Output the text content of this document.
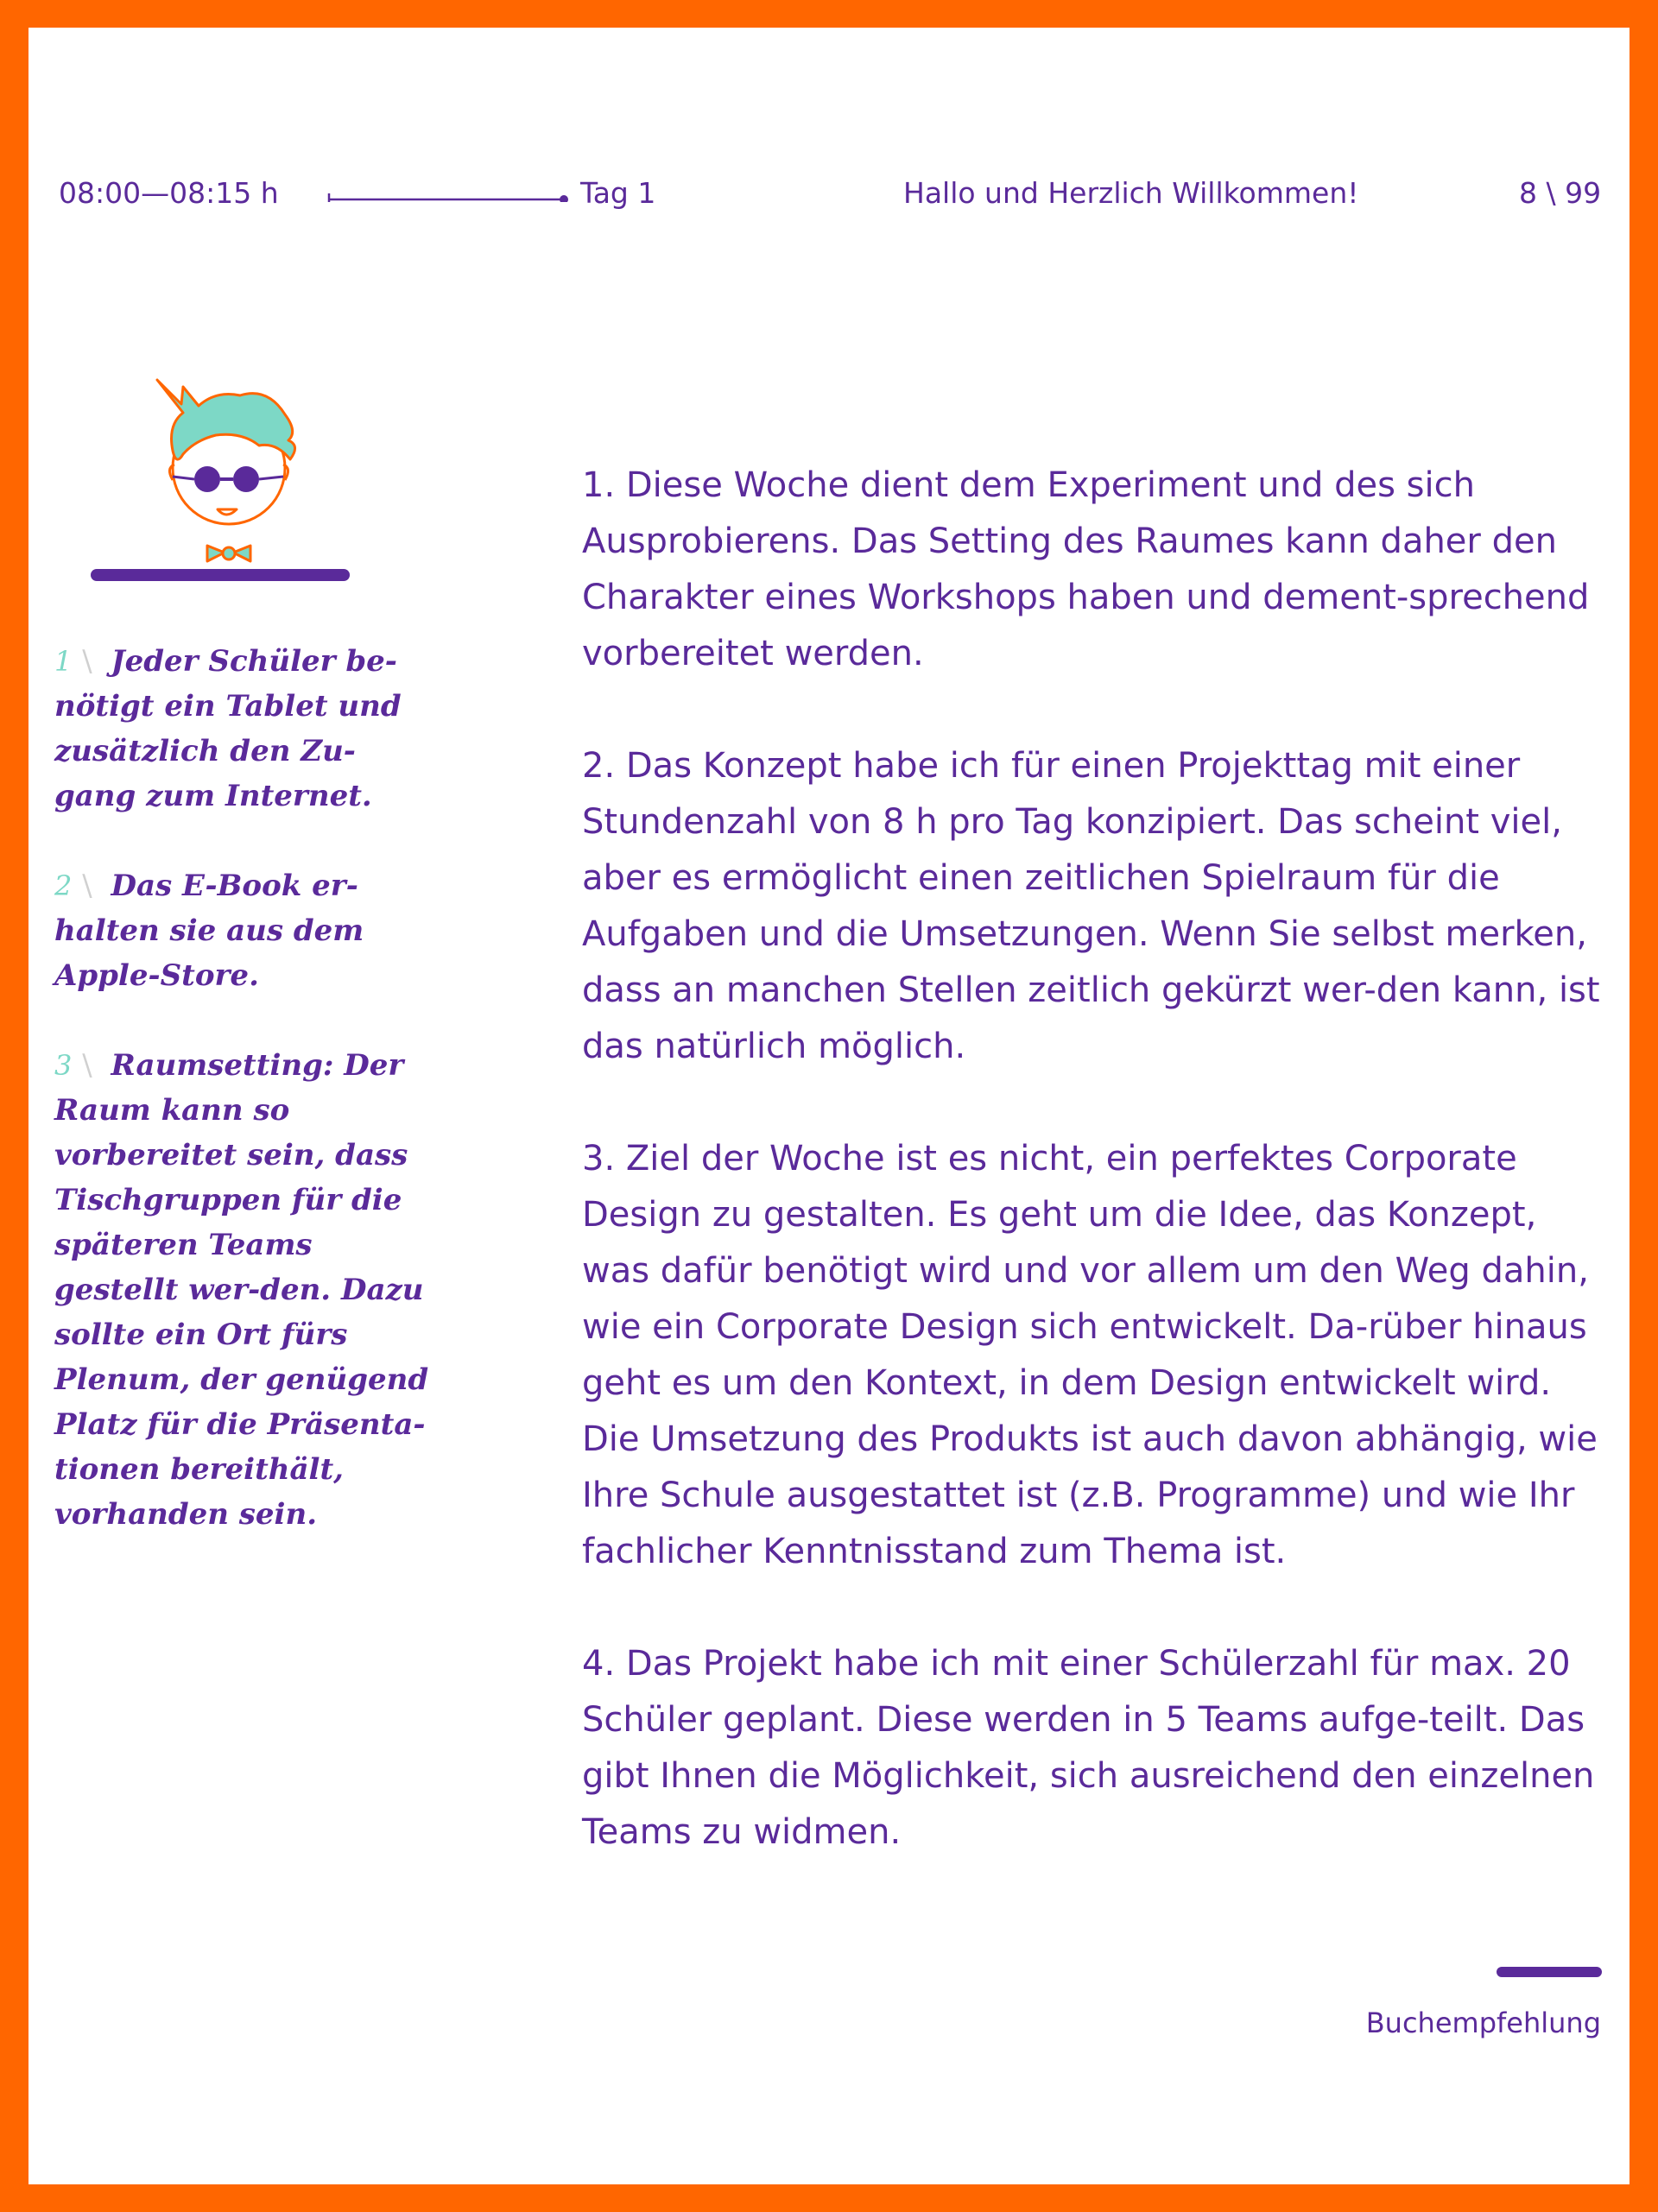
08:00—08:15 h	Tag 1	Hallo und Herzlich Willkommen!	8 \ 99

1 \ Jeder Schüler be-nötigt ein Tablet und zusätzlich den Zu-gang zum Internet.

2 \ Das E-Book er-halten sie aus dem Apple-Store.

3 \ Raumsetting: Der Raum kann so vorbereitet sein, dass Tischgruppen für die späteren Teams gestellt wer-den. Dazu sollte ein Ort fürs Plenum, der genügend Platz für die Präsenta-tionen bereithält, vorhanden sein.

1. Diese Woche dient dem Experiment und des sich Ausprobierens. Das Setting des Raumes kann daher den Charakter eines Workshops haben und dement-sprechend vorbereitet werden.

2. Das Konzept habe ich für einen Projekttag mit einer Stundenzahl von 8 h pro Tag konzipiert. Das scheint viel, aber es ermöglicht einen zeitlichen Spielraum für die Aufgaben und die Umsetzungen. Wenn Sie selbst merken, dass an manchen Stellen zeitlich gekürzt wer-den kann, ist das natürlich möglich.

3. Ziel der Woche ist es nicht, ein perfektes Corporate Design zu gestalten. Es geht um die Idee, das Konzept, was dafür benötigt wird und vor allem um den Weg dahin, wie ein Corporate Design sich entwickelt. Da-rüber hinaus geht es um den Kontext, in dem Design entwickelt wird. Die Umsetzung des Produkts ist auch davon abhängig, wie Ihre Schule ausgestattet ist (z.B. Programme) und wie Ihr fachlicher Kenntnisstand zum Thema ist.

4. Das Projekt habe ich mit einer Schülerzahl für max. 20 Schüler geplant. Diese werden in 5 Teams aufge-teilt. Das gibt Ihnen die Möglichkeit, sich ausreichend den einzelnen Teams zu widmen.

Buchempfehlung
